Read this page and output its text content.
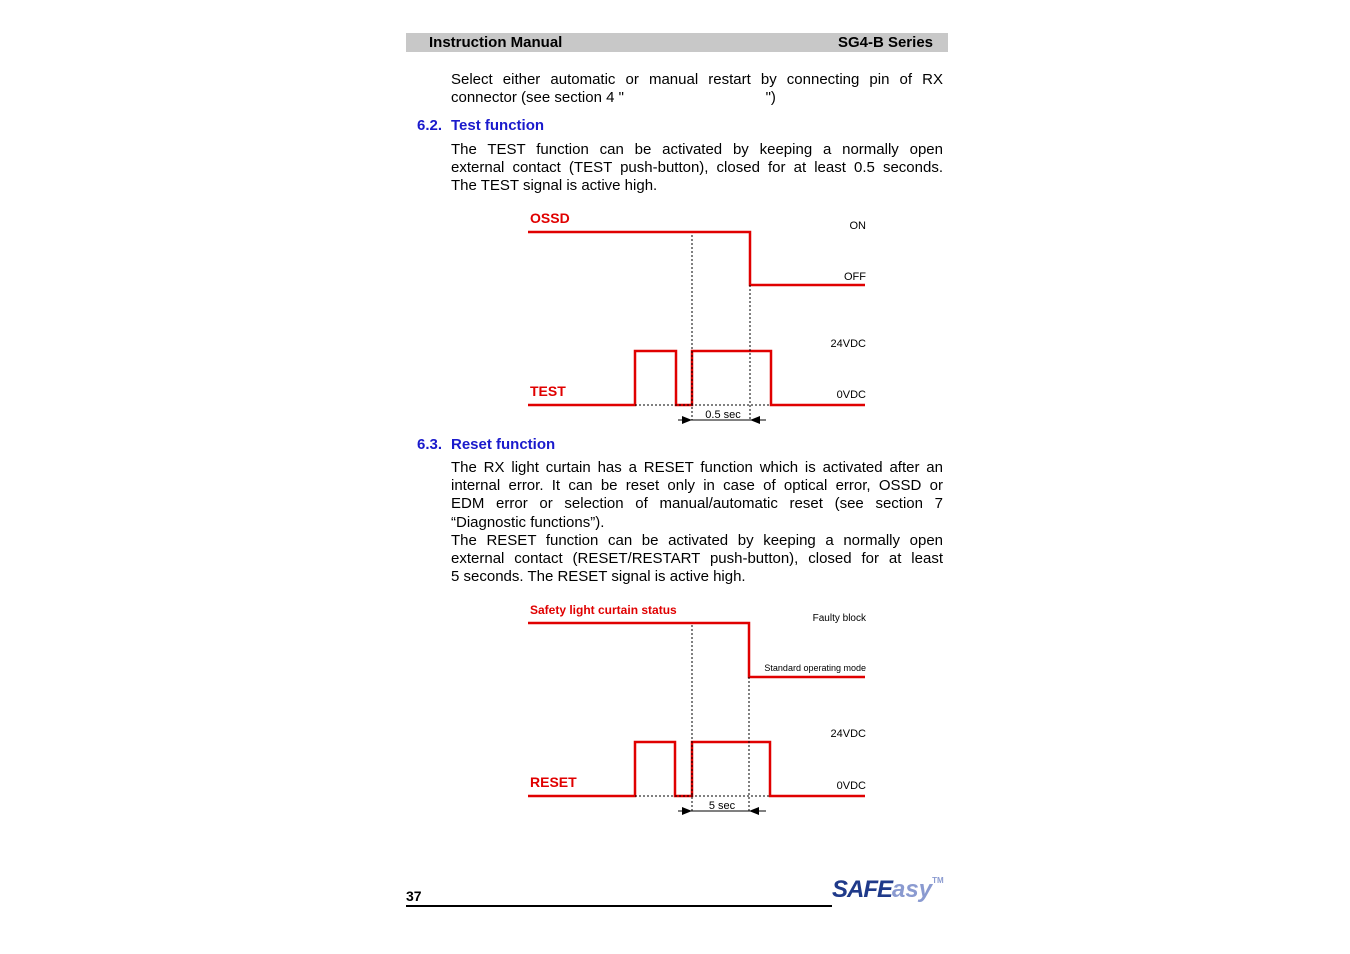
Instruction Manual	SG4-B Series
Select either automatic or manual restart by connecting pin of RX
connector (see section 4 "                                  ")
6.2. Test function
The TEST function can be activated by keeping a normally open
external contact (TEST push-button), closed for at least 0.5 seconds.
The TEST signal is active high.
OSSD	ON
OFF
24VDC
0VDC
TEST
0.5 sec
6.3. Reset function
The RX light curtain has a RESET function which is activated after an
internal error. It can be reset only in case of optical error, OSSD or
EDM error or selection of manual/automatic reset (see section 7
“Diagnostic functions”).
The RESET function can be activated by keeping a normally open
external contact (RESET/RESTART push-button), closed for at least
5 seconds. The RESET signal is active high.
Safety light curtain status
Faulty block
Standard operating mode
24VDC
0VDC
RESET
5 sec
37	SAFEasy™
